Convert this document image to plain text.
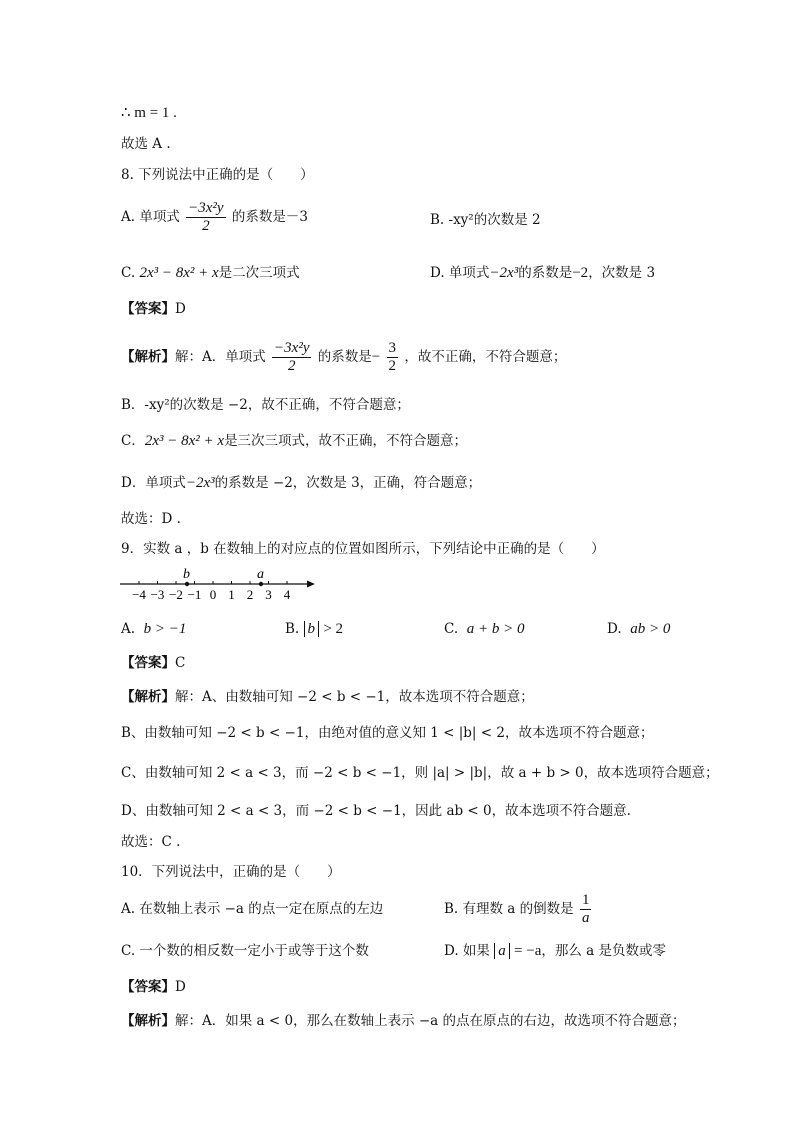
∴ m = 1 .
故选 A .
8. 下列说法中正确的是（　　）
A. 单项式 $\frac{\text{−3x²y}}{2}$ 的系数是－3	B. -xy²的次数是 2
C. 2x³ − 8x² + x是二次三项式	D. 单项式−2x³的系数是−2，次数是 3
【答案】D
【解析】解：A．单项式 $\frac{\text{−3x²y}}{2}$ 的系数是− $\frac{3}{2}$ ，故不正确，不符合题意；
B．-xy²的次数是 −2，故不正确，不符合题意；
C．2x³ − 8x² + x是三次三项式，故不正确，不符合题意；
D．单项式−2x³的系数是 −2，次数是 3，正确，符合题意；
故选：D .
9．实数 a ，b 在数轴上的对应点的位置如图所示，下列结论中正确的是（　　）
−4 −3 −2 −1 0 1 2 3 4
b	a
A. b > −1	B. b > 2	C. a + b > 0	D. ab > 0
【答案】C
【解析】解：A、由数轴可知 −2 < b < −1，故本选项不符合题意；
B、由数轴可知 −2 < b < −1，由绝对值的意义知 1 < |b| < 2，故本选项不符合题意；
C、由数轴可知 2 < a < 3，而 −2 < b < −1，则 |a| > |b|，故 a + b > 0，故本选项符合题意；
D、由数轴可知 2 < a < 3，而 −2 < b < −1，因此 ab < 0，故本选项不符合题意.
故选：C .
10．下列说法中，正确的是（　　）
A. 在数轴上表示 −a 的点一定在原点的左边	B. 有理数 a 的倒数是 $\frac{1}{a}$
C. 一个数的相反数一定小于或等于这个数	D. 如果 a = −a，那么 a 是负数或零
【答案】D
【解析】解：A．如果 a < 0，那么在数轴上表示 −a 的点在原点的右边，故选项不符合题意；
